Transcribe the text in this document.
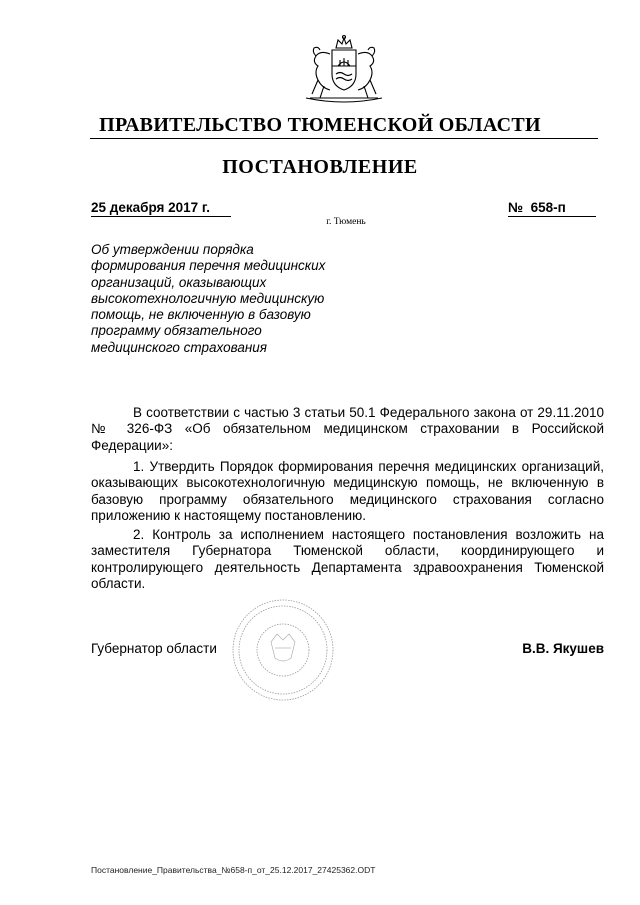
ПРАВИТЕЛЬСТВО ТЮМЕНСКОЙ ОБЛАСТИ
ПОСТАНОВЛЕНИЕ
25 декабря 2017 г.	№ 658-п
г. Тюмень
Об утверждении порядка формирования перечня медицинских организаций, оказывающих высокотехнологичную медицинскую помощь, не включенную в базовую программу обязательного медицинского страхования

В соответствии с частью 3 статьи 50.1 Федерального закона от 29.11.2010 № 326-ФЗ «Об обязательном медицинском страховании в Российской Федерации»:

1. Утвердить Порядок формирования перечня медицинских организаций, оказывающих высокотехнологичную медицинскую помощь, не включенную в базовую программу обязательного медицинского страхования согласно приложению к настоящему постановлению.

2. Контроль за исполнением настоящего постановления возложить на заместителя Губернатора Тюменской области, координирующего и контролирующего деятельность Департамента здравоохранения Тюменской области.

Губернатор области	В.В. Якушев
Постановление_Правительства_№658-п_от_25.12.2017_27425362.ODT
